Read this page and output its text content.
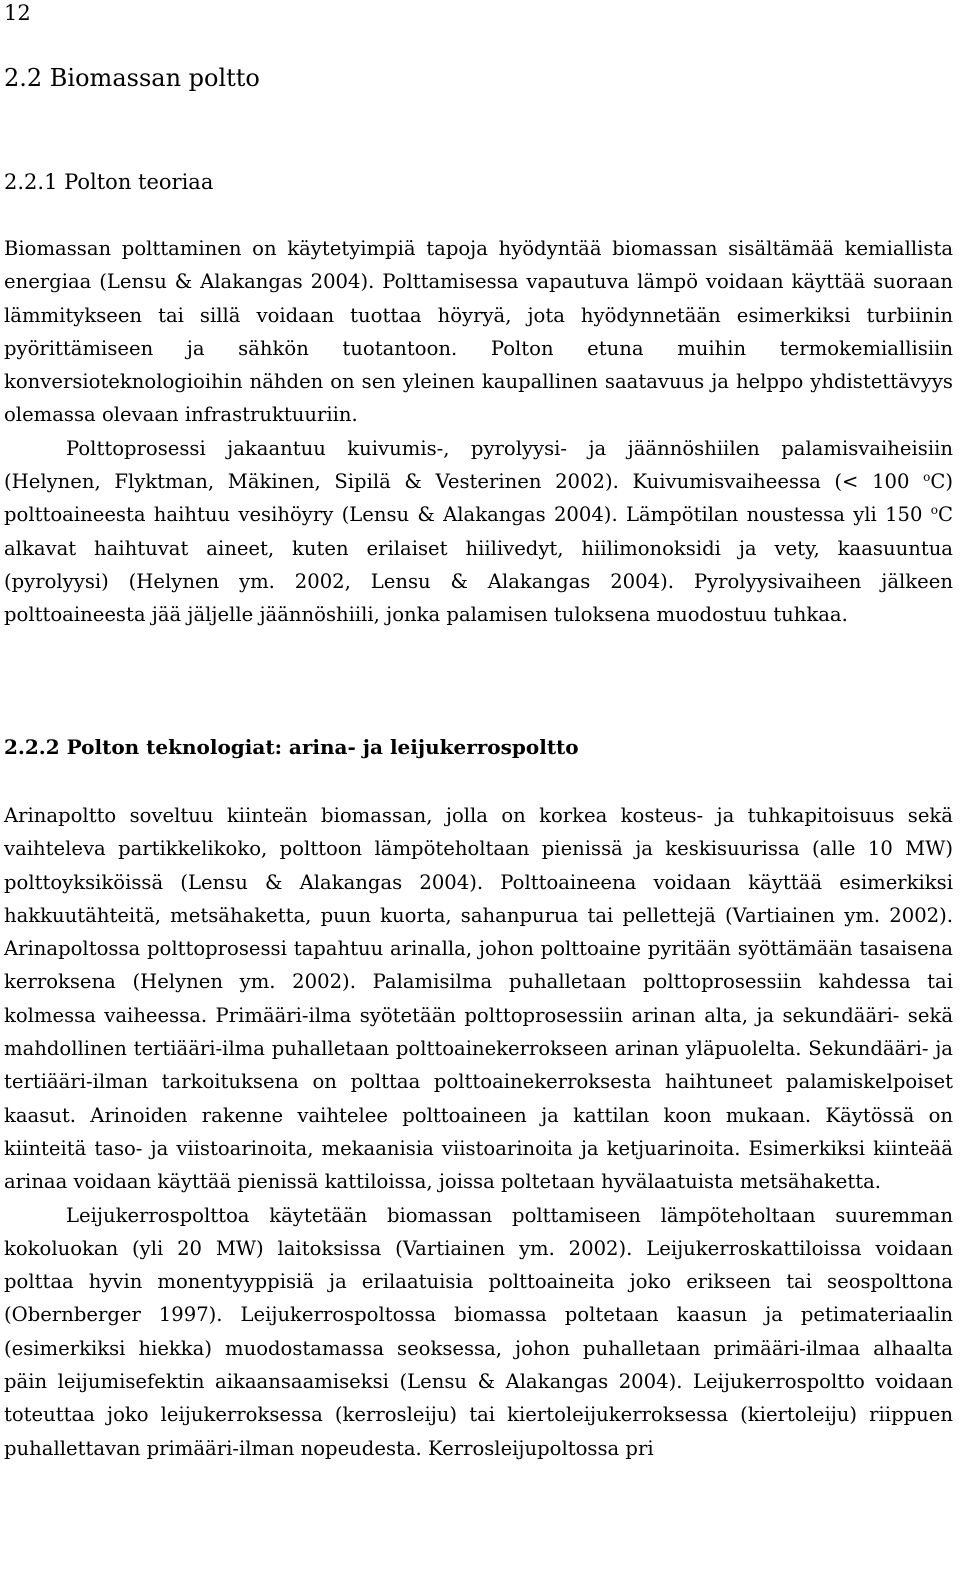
12
2.2 Biomassan poltto
2.2.1 Polton teoriaa

Biomassan polttaminen on käytetyimpiä tapoja hyödyntää biomassan sisältämää kemiallista energiaa (Lensu & Alakangas 2004). Polttamisessa vapautuva lämpö voidaan käyttää suoraan lämmitykseen tai sillä voidaan tuottaa höyryä, jota hyödynnetään esimerkiksi turbiinin pyörittämiseen ja sähkön tuotantoon. Polton etuna muihin termokemiallisiin konversioteknologioihin nähden on sen yleinen kaupallinen saatavuus ja helppo yhdistettävyys olemassa olevaan infrastruktuuriin.

Polttoprosessi jakaantuu kuivumis-, pyrolyysi- ja jäännöshiilen palamisvaiheisiin (Helynen, Flyktman, Mäkinen, Sipilä & Vesterinen 2002). Kuivumisvaiheessa (< 100 $^o$C) polttoaineesta haihtuu vesihöyry (Lensu & Alakangas 2004). Lämpötilan noustessa yli 150 $^o$C alkavat haihtuvat aineet, kuten erilaiset hiilivedyt, hiilimonoksidi ja vety, kaasuuntua (pyrolyysi) (Helynen ym. 2002, Lensu & Alakangas 2004). Pyrolyysivaiheen jälkeen polttoaineesta jää jäljelle jäännöshiili, jonka palamisen tuloksena muodostuu tuhkaa.

2.2.2 Polton teknologiat: arina- ja leijukerrospoltto

Arinapoltto soveltuu kiinteän biomassan, jolla on korkea kosteus- ja tuhkapitoisuus sekä vaihteleva partikkelikoko, polttoon lämpöteholtaan pienissä ja keskisuurissa (alle 10 MW) polttoyksiköissä (Lensu & Alakangas 2004). Polttoaineena voidaan käyttää esimerkiksi hakkuutähteitä, metsähaketta, puun kuorta, sahanpurua tai pellettejä (Vartiainen ym. 2002). Arinapoltossa polttoprosessi tapahtuu arinalla, johon polttoaine pyritään syöttämään tasaisena kerroksena (Helynen ym. 2002). Palamisilma puhalletaan polttoprosessiin kahdessa tai kolmessa vaiheessa. Primääri-ilma syötetään polttoprosessiin arinan alta, ja sekundääri- sekä mahdollinen tertiääri-ilma puhalletaan polttoainekerrokseen arinan yläpuolelta. Sekundääri- ja tertiääri-ilman tarkoituksena on polttaa polttoainekerroksesta haihtuneet palamiskelpoiset kaasut. Arinoiden rakenne vaihtelee polttoaineen ja kattilan koon mukaan. Käytössä on kiinteitä taso- ja viistoarinoita, mekaanisia viistoarinoita ja ketjuarinoita. Esimerkiksi kiinteää arinaa voidaan käyttää pienissä kattiloissa, joissa poltetaan hyvälaatuista metsähaketta.

Leijukerrospolttoa käytetään biomassan polttamiseen lämpöteholtaan suuremman kokoluokan (yli 20 MW) laitoksissa (Vartiainen ym. 2002). Leijukerroskattiloissa voidaan polttaa hyvin monentyyppisiä ja erilaatuisia polttoaineita joko erikseen tai seospolttona (Obernberger 1997). Leijukerrospoltossa biomassa poltetaan kaasun ja petimateriaalin (esimerkiksi hiekka) muodostamassa seoksessa, johon puhalletaan primääri-ilmaa alhaalta päin leijumisefektin aikaansaamiseksi (Lensu & Alakangas 2004). Leijukerrospoltto voidaan toteuttaa joko leijukerroksessa (kerrosleiju) tai kiertoleijukerroksessa (kiertoleiju) riippuen puhallettavan primääri-ilman nopeudesta. Kerrosleijupoltossa pri
